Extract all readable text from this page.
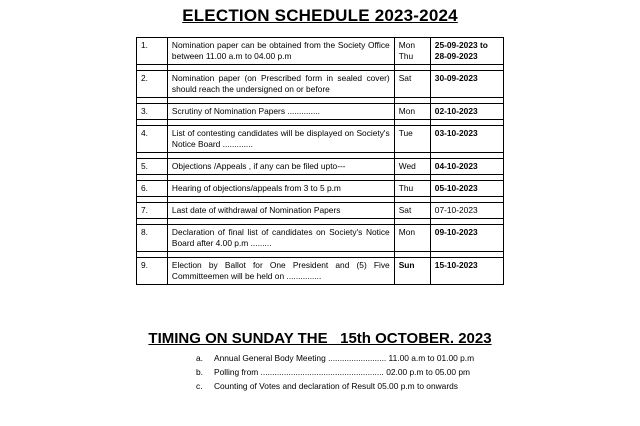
ELECTION SCHEDULE 2023-2024
1.	Nomination paper can be obtained from the Society Office between 11.00 a.m to 04.00 p.m	Mon Thu	25-09-2023 to 28-09-2023

2.	Nomination paper (on Prescribed form in sealed cover) should reach the undersigned on or before	Sat	30-09-2023

3.	Scrutiny of Nomination Papers ..............	Mon	02-10-2023

4.	List of contesting candidates will be displayed on Society's Notice Board .............	Tue	03-10-2023

5.	Objections /Appeals , if any can be filed upto---	Wed	04-10-2023

6.	Hearing of objections/appeals from 3 to 5 p.m	Thu	05-10-2023

7.	Last date of withdrawal of Nomination Papers	Sat	07-10-2023

8.	Declaration of final list of candidates on Society's Notice Board after 4.00 p.m .........	Mon	09-10-2023

9.	Election by Ballot for One President and (5) Five Committeemen will be held on ...............	Sun	15-10-2023
TIMING ON SUNDAY THE _15th OCTOBER. 2023
a.	Annual General Body Meeting ......................... 11.00 a.m to 01.00 p.m
b.	Polling from ..................................................... 02.00 p.m to 05.00 pm
c.	Counting of Votes and declaration of Result 05.00 p.m to onwards
